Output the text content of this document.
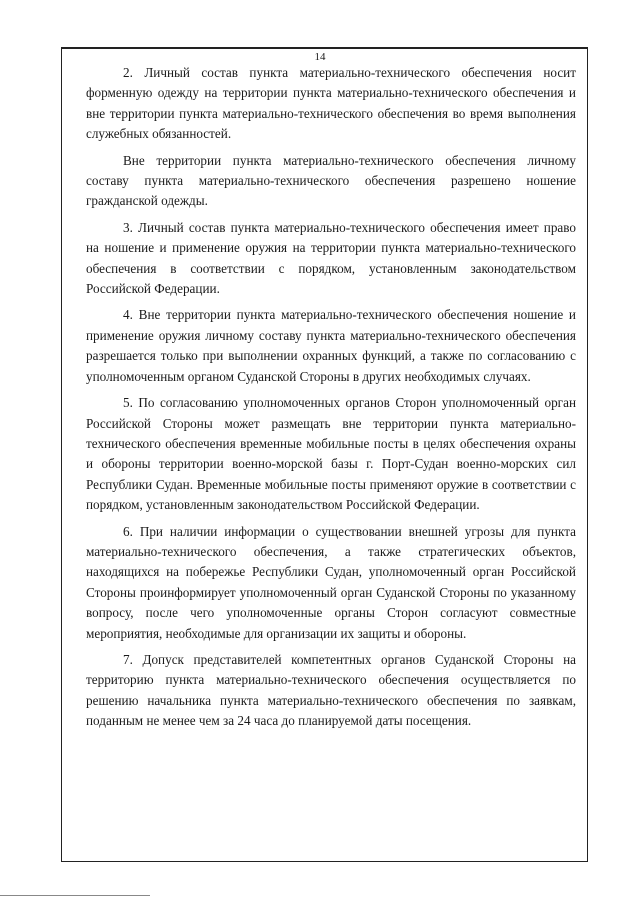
14

2. Личный состав пункта материально-технического обеспечения носит форменную одежду на территории пункта материально-технического обеспечения и вне территории пункта материально-технического обеспечения во время выполнения служебных обязанностей.

Вне территории пункта материально-технического обеспечения личному составу пункта материально-технического обеспечения разрешено ношение гражданской одежды.

3. Личный состав пункта материально-технического обеспечения имеет право на ношение и применение оружия на территории пункта материально-технического обеспечения в соответствии с порядком, установленным законодательством Российской Федерации.

4. Вне территории пункта материально-технического обеспечения ношение и применение оружия личному составу пункта материально-технического обеспечения разрешается только при выполнении охранных функций, а также по согласованию с уполномоченным органом Суданской Стороны в других необходимых случаях.

5. По согласованию уполномоченных органов Сторон уполномоченный орган Российской Стороны может размещать вне территории пункта материально-технического обеспечения временные мобильные посты в целях обеспечения охраны и обороны территории военно-морской базы г. Порт-Судан военно-морских сил Республики Судан. Временные мобильные посты применяют оружие в соответствии с порядком, установленным законодательством Российской Федерации.

6. При наличии информации о существовании внешней угрозы для пункта материально-технического обеспечения, а также стратегических объектов, находящихся на побережье Республики Судан, уполномоченный орган Российской Стороны проинформирует уполномоченный орган Суданской Стороны по указанному вопросу, после чего уполномоченные органы Сторон согласуют совместные мероприятия, необходимые для организации их защиты и обороны.

7. Допуск представителей компетентных органов Суданской Стороны на территорию пункта материально-технического обеспечения осуществляется по решению начальника пункта материально-технического обеспечения по заявкам, поданным не менее чем за 24 часа до планируемой даты посещения.
